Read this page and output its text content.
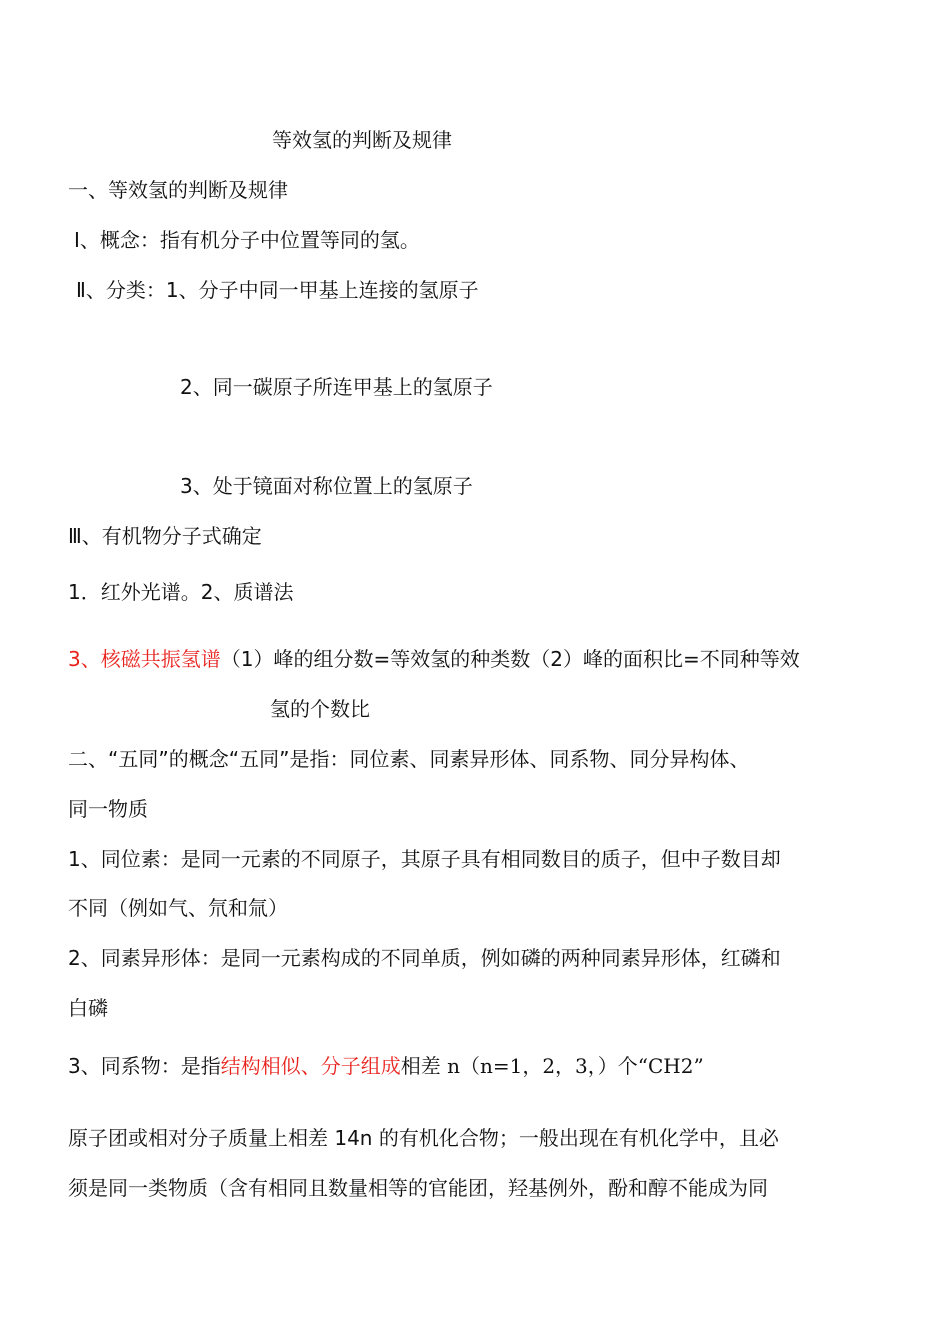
等效氢的判断及规律
一、等效氢的判断及规律
Ⅰ、概念：指有机分子中位置等同的氢。
Ⅱ、分类：1、分子中同一甲基上连接的氢原子
2、同一碳原子所连甲基上的氢原子
3、处于镜面对称位置上的氢原子
Ⅲ、有机物分子式确定
1．红外光谱。2、质谱法
3、核磁共振氢谱（1）峰的组分数=等效氢的种类数（2）峰的面积比=不同种等效
氢的个数比
二、“五同”的概念“五同”是指：同位素、同素异形体、同系物、同分异构体、
同一物质
1、同位素：是同一元素的不同原子，其原子具有相同数目的质子，但中子数目却
不同（例如气、氘和氚）
2、同素异形体：是同一元素构成的不同单质，例如磷的两种同素异形体，红磷和
白磷
3、同系物：是指结构相似、分子组成相差 n（n=1，2，3，）个“CH2”
原子团或相对分子质量上相差 14n 的有机化合物；一般出现在有机化学中，且必
须是同一类物质（含有相同且数量相等的官能团，羟基例外，酚和醇不能成为同
